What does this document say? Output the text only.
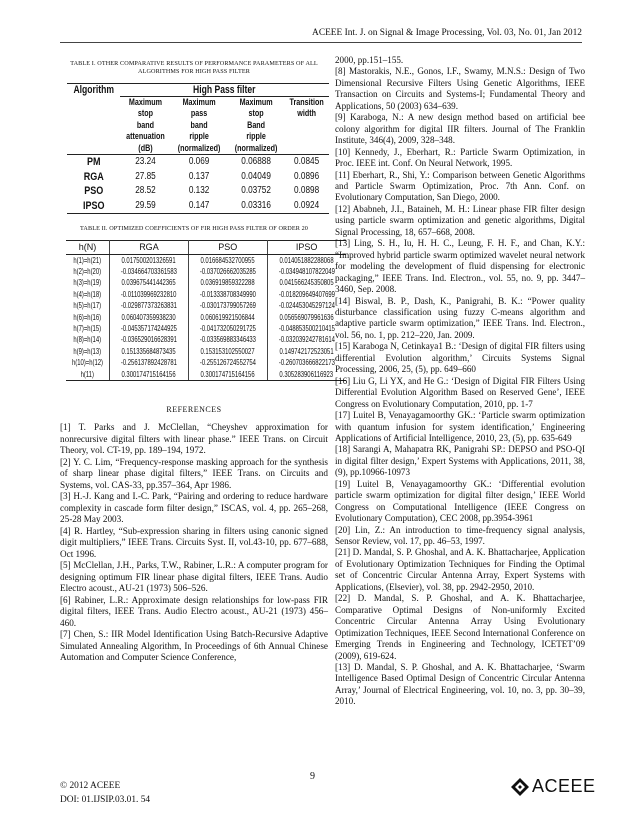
ACEEE Int. J. on Signal & Image Processing, Vol. 03, No. 01, Jan 2012
TABLE I. OTHER COMPARATIVE RESULTS OF PERFORMANCE PARAMETERS OF ALL
ALGORITHMS FOR HIGH PASS FILTER
Algorithm	High Pass filter			
	Maximum	Maximum	Maximum	Transition
	stop	pass	stop	width
	band	band	Band	
	attenuation	ripple	ripple	
	(dB)	(normalized)	(normalized)	
PM	23.24	0.069	0.06888	0.0845
RGA	27.85	0.137	0.04049	0.0896
PSO	28.52	0.132	0.03752	0.0898
IPSO	29.59	0.147	0.03316	0.0924
TABLE II. OPTIMIZED COEFFICIENTS OF FIR HIGH PASS FILTER OF ORDER 20
h(N)	RGA	PSO	IPSO
h(1)=h(21)	0.017500201326591	0.016684532700955	0.014051882288068
h(2)=h(20)	-0.034664703361583	-0.037026662035285	-0.034948107822049
h(3)=h(19)	0.039675441442365	0.036919859322288	0.041566245350805
h(4)=h(18)	-0.011039969232810	-0.013338708349990	-0.018209649407699
h(5)=h(17)	-0.029877373263831	-0.030173799057269	-0.024453045297124
h(6)=h(16)	0.060407359938230	0.060619921506844	0.056569079961636
h(7)=h(15)	-0.045357174244925	-0.041732050291725	-0.048853500210415
h(8)=h(14)	-0.036529016628391	-0.033569883346433	-0.032039242781614
h(9)=h(13)	0.151335684873435	0.153153102550027	0.149742172523051
h(10)=h(12)	-0.256137892428781	-0.255126724552754	-0.260703666822173
h(11)	0.300174715164156	0.300174715164156	0.305283906116923
REFERENCES

[1] T. Parks and J. McClellan, “Cheyshev approximation for nonrecursive digital filters with linear phase.” IEEE Trans. on Circuit Theory, vol. CT-19, pp. 189–194, 1972.

[2] Y. C. Lim, “Frequency-response masking approach for the synthesis of sharp linear phase digital filters,” IEEE Trans. on Circuits and Systems, vol. CAS-33, pp.357–364, Apr 1986.

[3] H.-J. Kang and I.-C. Park, “Pairing and ordering to reduce hardware complexity in cascade form filter design,” ISCAS, vol. 4, pp. 265–268, 25-28 May 2003.

[4] R. Hartley, “Sub-expression sharing in filters using canonic signed digit multipliers,” IEEE Trans. Circuits Syst. II, vol.43-10, pp. 677–688, Oct 1996.

[5] McClellan, J.H., Parks, T.W., Rabiner, L.R.: A computer program for designing optimum FIR linear phase digital filters, IEEE Trans. Audio Electro acoust., AU-21 (1973) 506–526.

[6] Rabiner, L.R.: Approximate design relationships for low-pass FIR digital filters, IEEE Trans. Audio Electro acoust., AU-21 (1973) 456–460.

[7] Chen, S.: IIR Model Identification Using Batch-Recursive Adaptive Simulated Annealing Algorithm, In Proceedings of 6th Annual Chinese Automation and Computer Science Conference,

2000, pp.151–155.

[8] Mastorakis, N.E., Gonos, I.F., Swamy, M.N.S.: Design of Two Dimensional Recursive Filters Using Genetic Algorithms, IEEE Transaction on Circuits and Systems-I; Fundamental Theory and Applications, 50 (2003) 634–639.

[9] Karaboga, N.: A new design method based on artificial bee colony algorithm for digital IIR filters. Journal of The Franklin Institute, 346(4), 2009, 328–348.

[10] Kennedy, J., Eberhart, R.: Particle Swarm Optimization, in Proc. IEEE int. Conf. On Neural Network, 1995.

[11] Eberhart, R., Shi, Y.: Comparison between Genetic Algorithms and Particle Swarm Optimization, Proc. 7th Ann. Conf. on Evolutionary Computation, San Diego, 2000.

[12] Ababneh, J.I., Bataineh, M. H.: Linear phase FIR filter design using particle swarm optimization and genetic algorithms, Digital Signal Processing, 18, 657–668, 2008.

[13] Ling, S. H., Iu, H. H. C., Leung, F. H. F., and Chan, K.Y.: “Improved hybrid particle swarm optimized wavelet neural network for modeling the development of fluid dispensing for electronic packaging,” IEEE Trans. Ind. Electron., vol. 55, no. 9, pp. 3447–3460, Sep. 2008.

[14] Biswal, B. P., Dash, K., Panigrahi, B. K.: “Power quality disturbance classification using fuzzy C-means algorithm and adaptive particle swarm optimization,” IEEE Trans. Ind. Electron., vol. 56, no. 1, pp. 212–220, Jan. 2009.

[15] Karaboga N, Cetinkaya1 B.: ‘Design of digital FIR filters using differential Evolution algorithm,’ Circuits Systems Signal Processing, 2006, 25, (5), pp. 649–660

[16] Liu G, Li YX, and He G.: ‘Design of Digital FIR Filters Using Differential Evolution Algorithm Based on Reserved Gene’, IEEE Congress on Evolutionary Computation, 2010, pp. 1-7

[17] Luitel B, Venayagamoorthy GK.: ‘Particle swarm optimization with quantum infusion for system identification,’ Engineering Applications of Artificial Intelligence, 2010, 23, (5), pp. 635-649

[18] Sarangi A, Mahapatra RK, Panigrahi SP.: DEPSO and PSO-QI in digital filter design,’ Expert Systems with Applications, 2011, 38, (9), pp.10966-10973

[19] Luitel B, Venayagamoorthy GK.: ‘Differential evolution particle swarm optimization for digital filter design,’ IEEE World Congress on Computational Intelligence (IEEE Congress on Evolutionary Computation), CEC 2008, pp.3954-3961

[20] Lin, Z.: An introduction to time-frequency signal analysis, Sensor Review, vol. 17, pp. 46–53, 1997.

[21] D. Mandal, S. P. Ghoshal, and A. K. Bhattacharjee, Application of Evolutionary Optimization Techniques for Finding the Optimal set of Concentric Circular Antenna Array, Expert Systems with Applications, (Elsevier), vol. 38, pp. 2942-2950, 2010.

[22] D. Mandal, S. P. Ghoshal, and A. K. Bhattacharjee, Comparative Optimal Designs of Non-uniformly Excited Concentric Circular Antenna Array Using Evolutionary Optimization Techniques, IEEE Second International Conference on Emerging Trends in Engineering and Technology, ICETET’09 (2009), 619-624.

[13] D. Mandal, S. P. Ghoshal, and A. K. Bhattacharjee, ‘Swarm Intelligence Based Optimal Design of Concentric Circular Antenna Array,’ Journal of Electrical Engineering, vol. 10, no. 3, pp. 30–39, 2010.

© 2012 ACEEE
DOI: 01.IJSIP.03.01. 54
9	ACEEE
